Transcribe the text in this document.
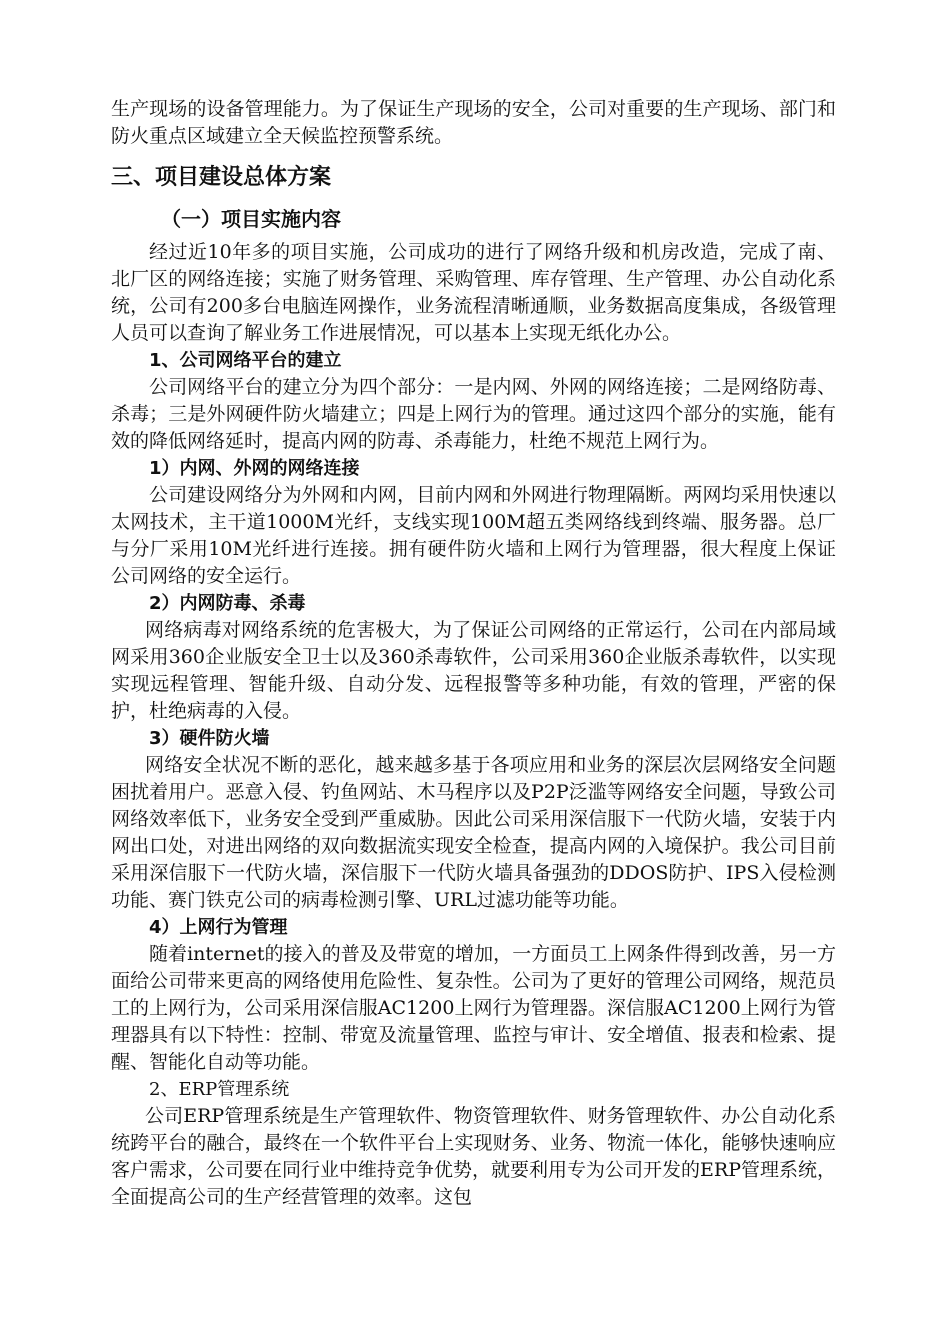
生产现场的设备管理能力。为了保证生产现场的安全，公司对重要的生产现场、部门和防火重点区域建立全天候监控预警系统。

三、项目建设总体方案
（一）项目实施内容

经过近10年多的项目实施，公司成功的进行了网络升级和机房改造，完成了南、北厂区的网络连接；实施了财务管理、采购管理、库存管理、生产管理、办公自动化系统，公司有200多台电脑连网操作，业务流程清晰通顺，业务数据高度集成，各级管理人员可以查询了解业务工作进展情况，可以基本上实现无纸化办公。

1、公司网络平台的建立

公司网络平台的建立分为四个部分：一是内网、外网的网络连接；二是网络防毒、杀毒；三是外网硬件防火墙建立；四是上网行为的管理。通过这四个部分的实施，能有效的降低网络延时，提高内网的防毒、杀毒能力，杜绝不规范上网行为。

1）内网、外网的网络连接

公司建设网络分为外网和内网，目前内网和外网进行物理隔断。两网均采用快速以太网技术，主干道1000M光纤，支线实现100M超五类网络线到终端、服务器。总厂与分厂采用10M光纤进行连接。拥有硬件防火墙和上网行为管理器，很大程度上保证公司网络的安全运行。

2）内网防毒、杀毒

网络病毒对网络系统的危害极大，为了保证公司网络的正常运行，公司在内部局域网采用360企业版安全卫士以及360杀毒软件，公司采用360企业版杀毒软件，以实现实现远程管理、智能升级、自动分发、远程报警等多种功能，有效的管理，严密的保护，杜绝病毒的入侵。

3）硬件防火墙

网络安全状况不断的恶化，越来越多基于各项应用和业务的深层次层网络安全问题困扰着用户。恶意入侵、钓鱼网站、木马程序以及P2P泛滥等网络安全问题，导致公司网络效率低下，业务安全受到严重威胁。因此公司采用深信服下一代防火墙，安装于内网出口处，对进出网络的双向数据流实现安全检查，提高内网的入境保护。我公司目前采用深信服下一代防火墙，深信服下一代防火墙具备强劲的DDOS防护、IPS入侵检测功能、赛门铁克公司的病毒检测引擎、URL过滤功能等功能。

4）上网行为管理

随着internet的接入的普及及带宽的增加，一方面员工上网条件得到改善，另一方面给公司带来更高的网络使用危险性、复杂性。公司为了更好的管理公司网络，规范员工的上网行为，公司采用深信服AC1200上网行为管理器。深信服AC1200上网行为管理器具有以下特性：控制、带宽及流量管理、监控与审计、安全增值、报表和检索、提醒、智能化自动等功能。

2、ERP管理系统

公司ERP管理系统是生产管理软件、物资管理软件、财务管理软件、办公自动化系统跨平台的融合，最终在一个软件平台上实现财务、业务、物流一体化，能够快速响应客户需求，公司要在同行业中维持竞争优势，就要利用专为公司开发的ERP管理系统，全面提高公司的生产经营管理的效率。这包
